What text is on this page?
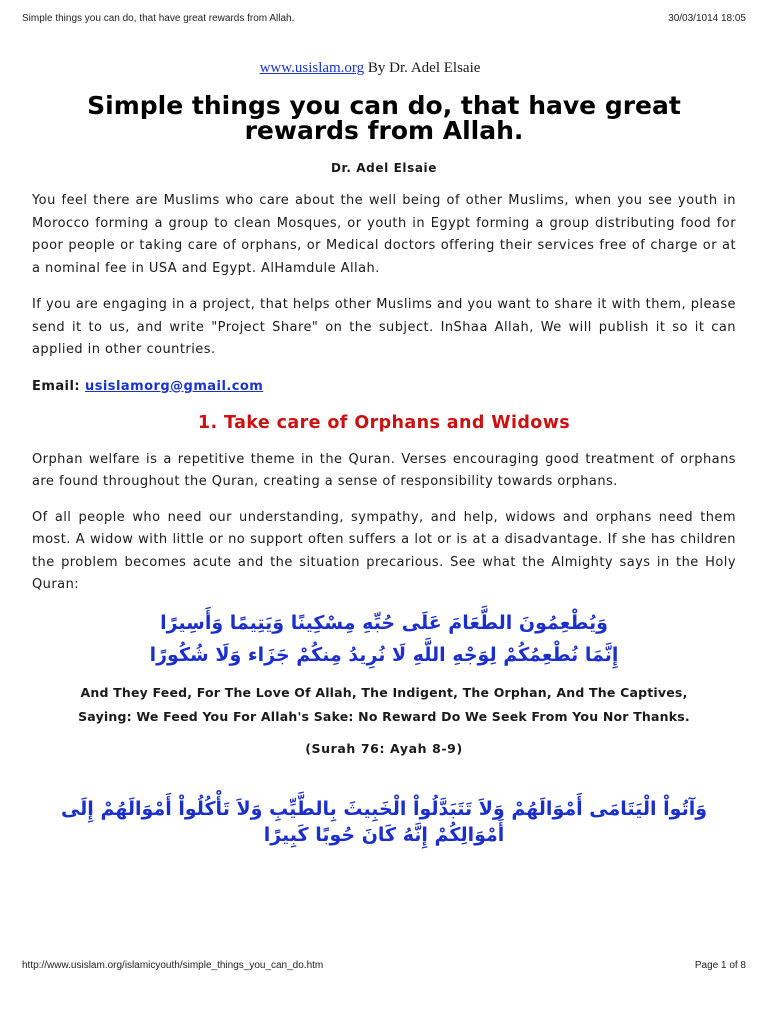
Simple things you can do, that have great rewards from Allah.	30/03/1014 18:05
www.usislam.org By Dr. Adel Elsaie
Simple things you can do, that have great rewards from Allah.
Dr. Adel Elsaie

You feel there are Muslims who care about the well being of other Muslims, when you see youth in Morocco forming a group to clean Mosques, or youth in Egypt forming a group distributing food for poor people or taking care of orphans, or Medical doctors offering their services free of charge or at a nominal fee in USA and Egypt. AlHamdule Allah.

If you are engaging in a project, that helps other Muslims and you want to share it with them, please send it to us, and write "Project Share" on the subject. InShaa Allah, We will publish it so it can applied in other countries.

Email: usislamorg@gmail.com
1. Take care of Orphans and Widows

Orphan welfare is a repetitive theme in the Quran. Verses encouraging good treatment of orphans are found throughout the Quran, creating a sense of responsibility towards orphans.

Of all people who need our understanding, sympathy, and help, widows and orphans need them most. A widow with little or no support often suffers a lot or is at a disadvantage. If she has children the problem becomes acute and the situation precarious. See what the Almighty says in the Holy Quran:

وَيُطْعِمُونَ الطَّعَامَ عَلَى حُبِّهِ مِسْكِينًا وَيَتِيمًا وَأَسِيرًا
إِنَّمَا نُطْعِمُكُمْ لِوَجْهِ اللَّهِ لَا نُرِيدُ مِنكُمْ جَزَاء وَلَا شُكُورًا
And They Feed, For The Love Of Allah, The Indigent, The Orphan, And The Captives,
Saying: We Feed You For Allah's Sake: No Reward Do We Seek From You Nor Thanks.
(Surah 76: Ayah 8-9)
وَآتُواْ الْيَتَامَى أَمْوَالَهُمْ وَلاَ تَتَبَدَّلُواْ الْخَبِيثَ بِالطَّيِّبِ وَلاَ تَأْكُلُواْ أَمْوَالَهُمْ إِلَى أَمْوَالِكُمْ إِنَّهُ كَانَ حُوبًا كَبِيرًا
http://www.usislam.org/islamicyouth/simple_things_you_can_do.htm	Page 1 of 8
